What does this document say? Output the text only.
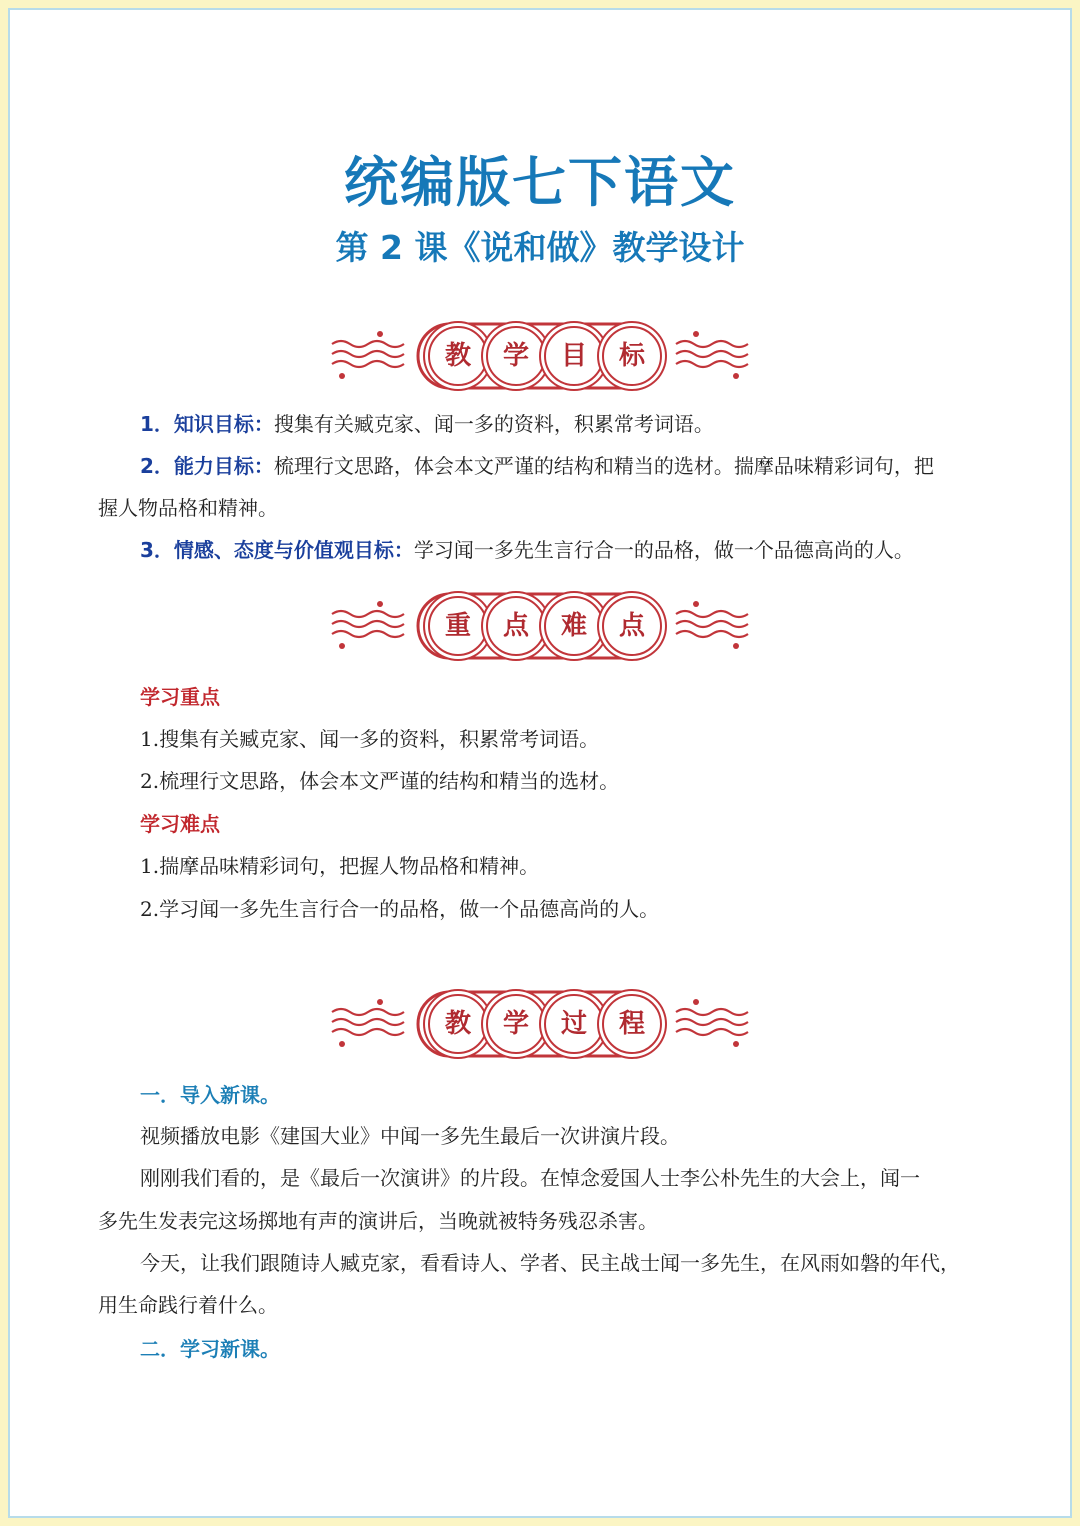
统编版七下语文
第 2 课《说和做》教学设计
教	学	目	标
1．知识目标：搜集有关臧克家、闻一多的资料，积累常考词语。
2．能力目标：梳理行文思路，体会本文严谨的结构和精当的选材。揣摩品味精彩词句，把
握人物品格和精神。
3．情感、态度与价值观目标：学习闻一多先生言行合一的品格，做一个品德高尚的人。
重	点	难	点
学习重点
1.搜集有关臧克家、闻一多的资料，积累常考词语。
2.梳理行文思路，体会本文严谨的结构和精当的选材。
学习难点
1.揣摩品味精彩词句，把握人物品格和精神。
2.学习闻一多先生言行合一的品格，做一个品德高尚的人。
教	学	过	程
一．导入新课。
视频播放电影《建国大业》中闻一多先生最后一次讲演片段。
刚刚我们看的，是《最后一次演讲》的片段。在悼念爱国人士李公朴先生的大会上，闻一
多先生发表完这场掷地有声的演讲后，当晚就被特务残忍杀害。
今天，让我们跟随诗人臧克家，看看诗人、学者、民主战士闻一多先生，在风雨如磐的年代，
用生命践行着什么。
二．学习新课。
